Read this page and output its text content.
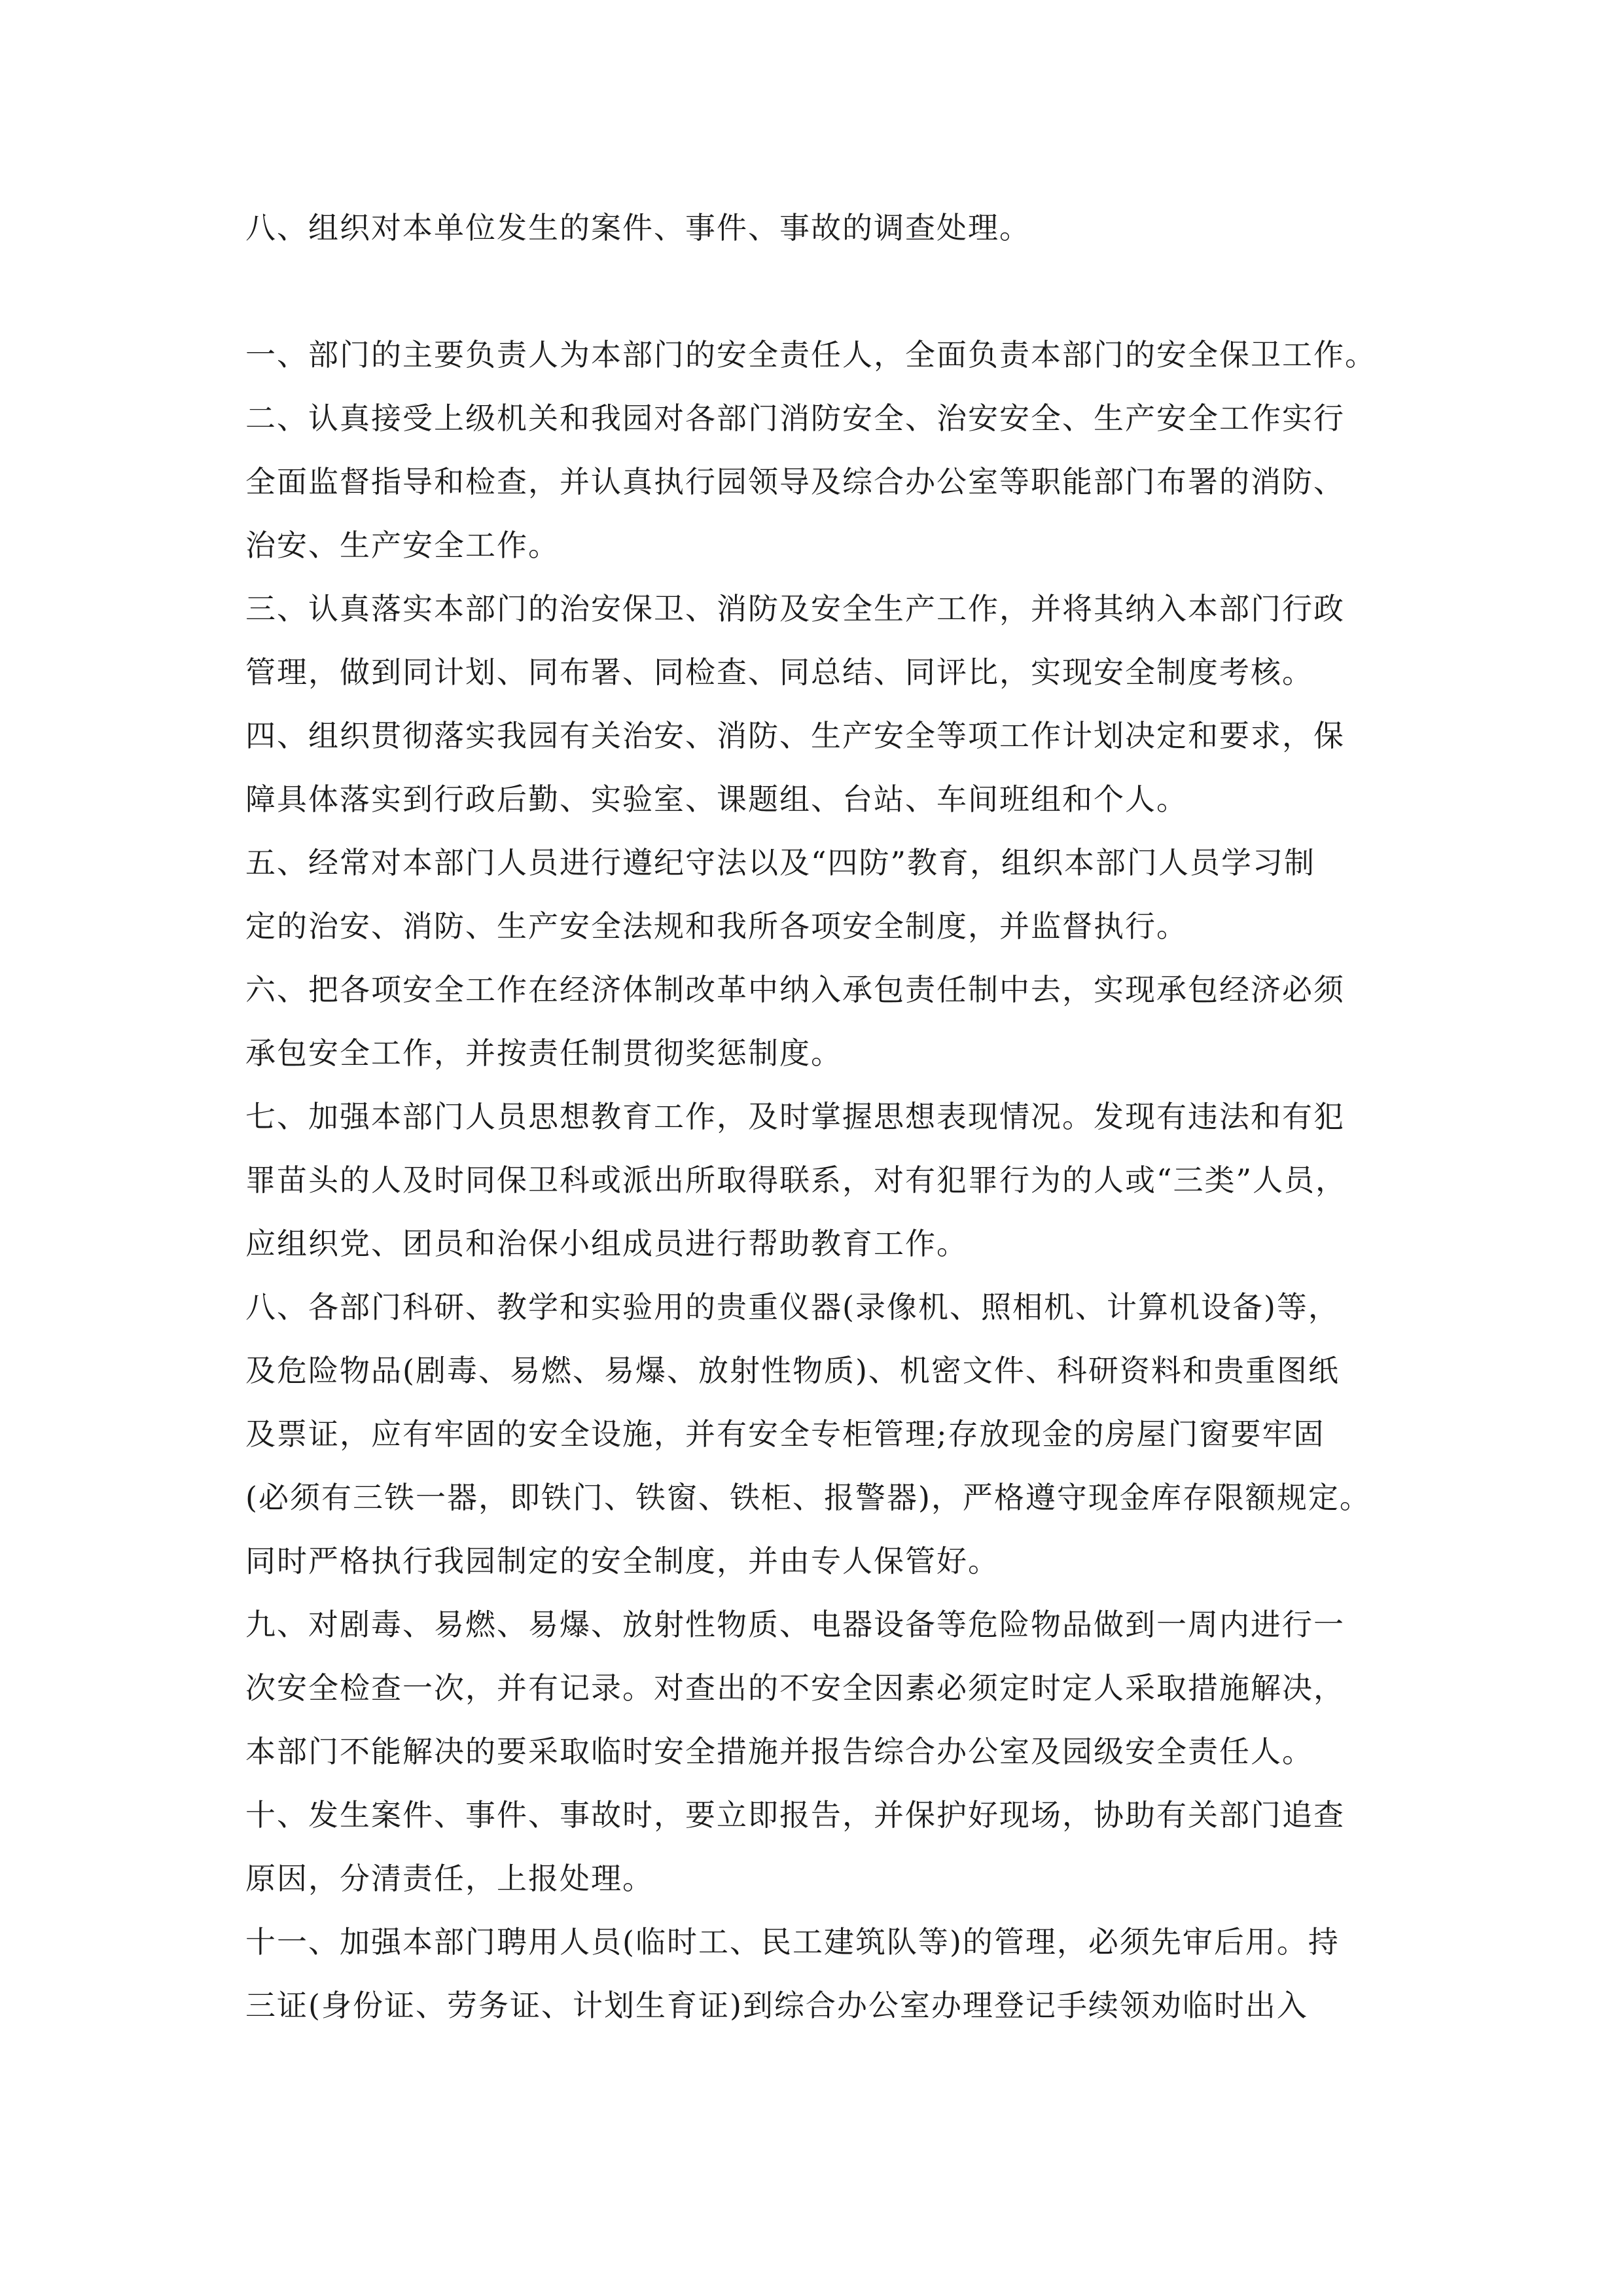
八、组织对本单位发生的案件、事件、事故的调查处理。
一、部门的主要负责人为本部门的安全责任人，全面负责本部门的安全保卫工作。
二、认真接受上级机关和我园对各部门消防安全、治安安全、生产安全工作实行
全面监督指导和检查，并认真执行园领导及综合办公室等职能部门布署的消防、
治安、生产安全工作。
三、认真落实本部门的治安保卫、消防及安全生产工作，并将其纳入本部门行政
管理，做到同计划、同布署、同检查、同总结、同评比，实现安全制度考核。
四、组织贯彻落实我园有关治安、消防、生产安全等项工作计划决定和要求，保
障具体落实到行政后勤、实验室、课题组、台站、车间班组和个人。
五、经常对本部门人员进行遵纪守法以及“四防”教育，组织本部门人员学习制
定的治安、消防、生产安全法规和我所各项安全制度，并监督执行。
六、把各项安全工作在经济体制改革中纳入承包责任制中去，实现承包经济必须
承包安全工作，并按责任制贯彻奖惩制度。
七、加强本部门人员思想教育工作，及时掌握思想表现情况。发现有违法和有犯
罪苗头的人及时同保卫科或派出所取得联系，对有犯罪行为的人或“三类”人员，
应组织党、团员和治保小组成员进行帮助教育工作。
八、各部门科研、教学和实验用的贵重仪器(录像机、照相机、计算机设备)等，
及危险物品(剧毒、易燃、易爆、放射性物质)、机密文件、科研资料和贵重图纸
及票证，应有牢固的安全设施，并有安全专柜管理;存放现金的房屋门窗要牢固
(必须有三铁一器，即铁门、铁窗、铁柜、报警器)，严格遵守现金库存限额规定。
同时严格执行我园制定的安全制度，并由专人保管好。
九、对剧毒、易燃、易爆、放射性物质、电器设备等危险物品做到一周内进行一
次安全检查一次，并有记录。对查出的不安全因素必须定时定人采取措施解决，
本部门不能解决的要采取临时安全措施并报告综合办公室及园级安全责任人。
十、发生案件、事件、事故时，要立即报告，并保护好现场，协助有关部门追查
原因，分清责任，上报处理。
十一、加强本部门聘用人员(临时工、民工建筑队等)的管理，必须先审后用。持
三证(身份证、劳务证、计划生育证)到综合办公室办理登记手续领劝临时出入
